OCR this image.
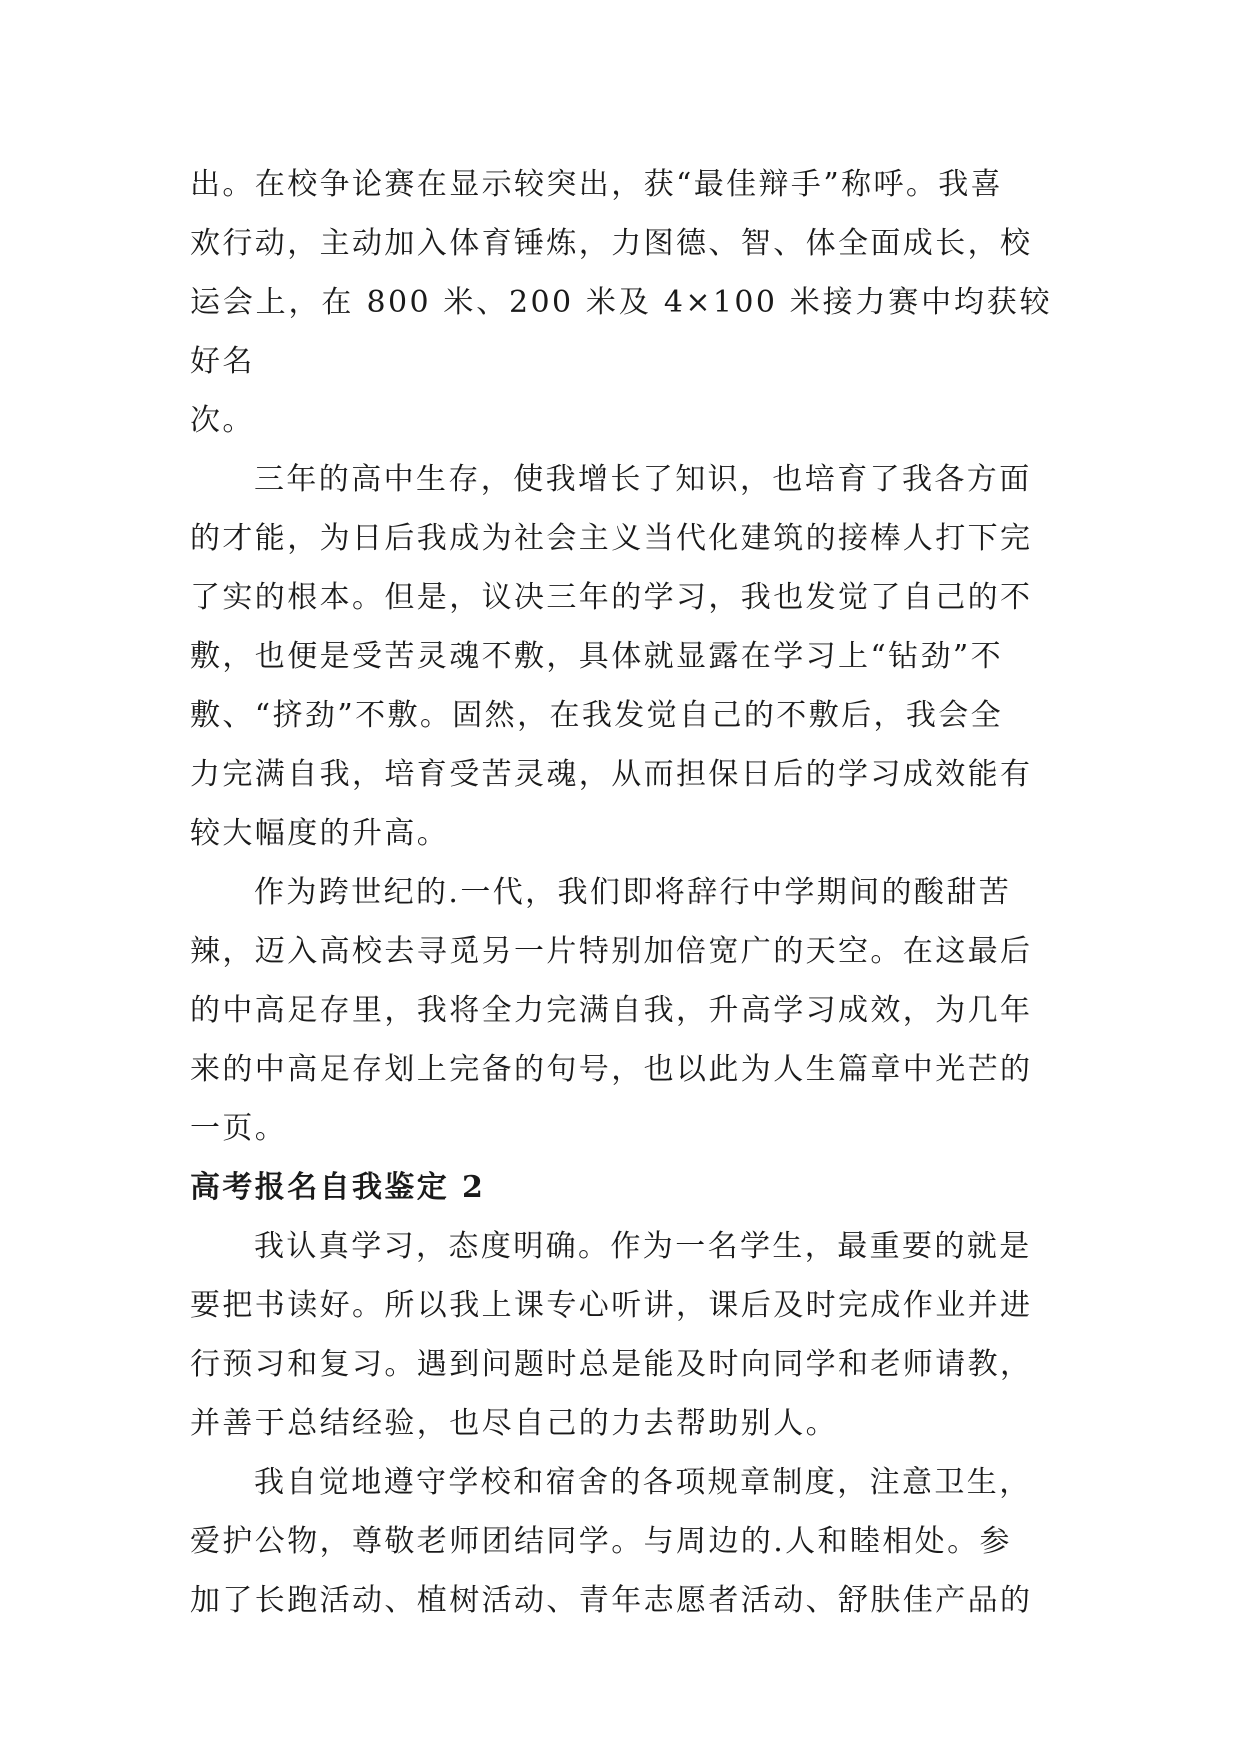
出。在校争论赛在显示较突出，获“最佳辩手”称呼。我喜
欢行动，主动加入体育锤炼，力图德、智、体全面成长，校
运会上，在 800 米、200 米及 4×100 米接力赛中均获较好名
次。

三年的高中生存，使我增长了知识，也培育了我各方面
的才能，为日后我成为社会主义当代化建筑的接棒人打下完
了实的根本。但是，议决三年的学习，我也发觉了自己的不
敷，也便是受苦灵魂不敷，具体就显露在学习上“钻劲”不
敷、“挤劲”不敷。固然，在我发觉自己的不敷后，我会全
力完满自我，培育受苦灵魂，从而担保日后的学习成效能有
较大幅度的升高。

作为跨世纪的.一代，我们即将辞行中学期间的酸甜苦
辣，迈入高校去寻觅另一片特别加倍宽广的天空。在这最后
的中高足存里，我将全力完满自我，升高学习成效，为几年
来的中高足存划上完备的句号，也以此为人生篇章中光芒的
一页。

高考报名自我鉴定 2

我认真学习，态度明确。作为一名学生，最重要的就是
要把书读好。所以我上课专心听讲，课后及时完成作业并进
行预习和复习。遇到问题时总是能及时向同学和老师请教，
并善于总结经验，也尽自己的力去帮助别人。

我自觉地遵守学校和宿舍的各项规章制度，注意卫生，
爱护公物，尊敬老师团结同学。与周边的.人和睦相处。参
加了长跑活动、植树活动、青年志愿者活动、舒肤佳产品的
